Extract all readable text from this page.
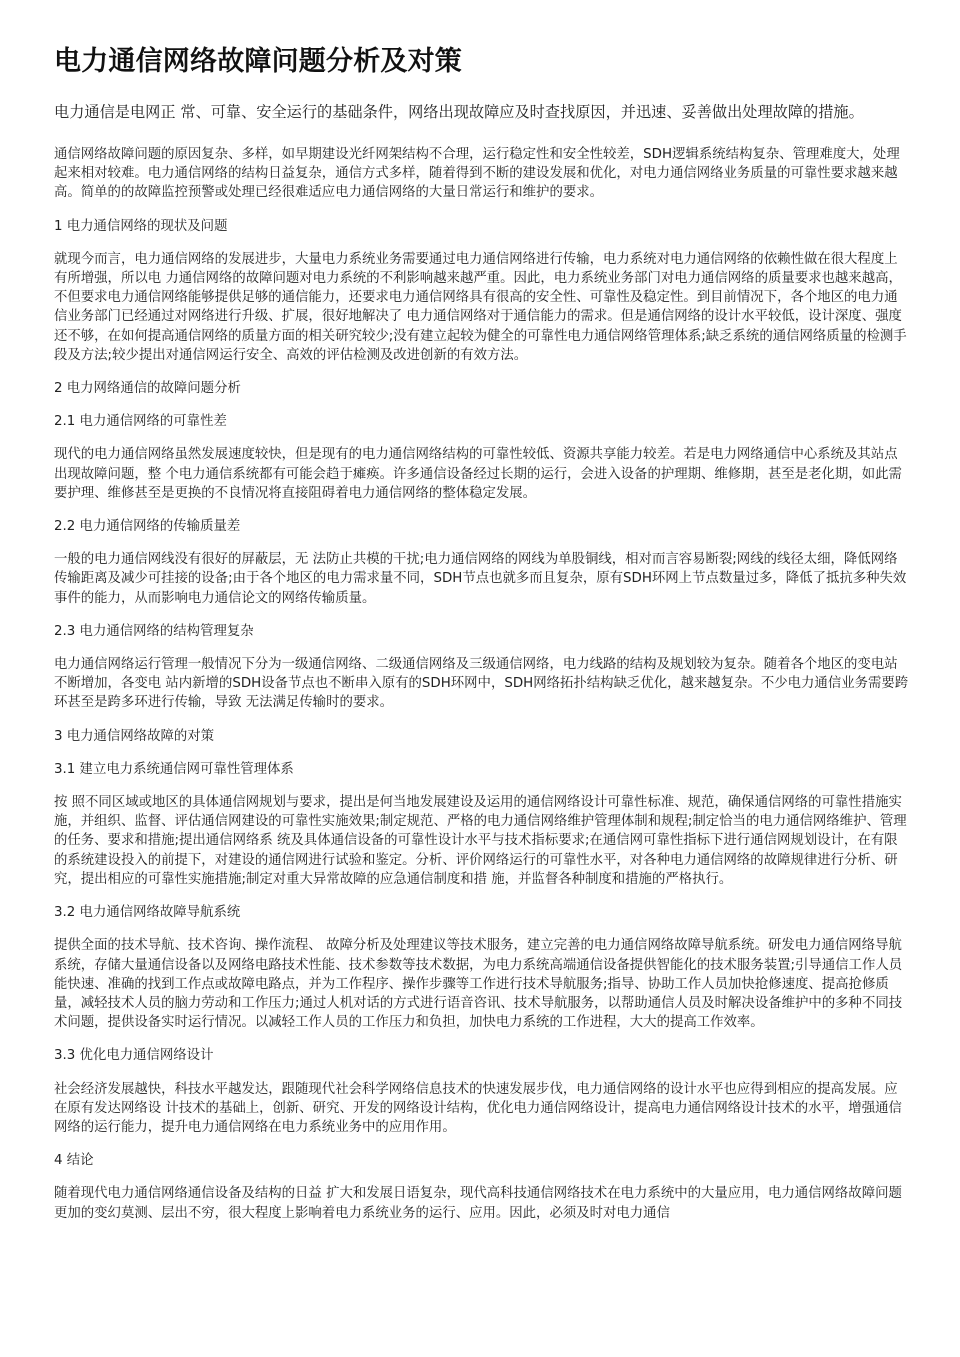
电力通信网络故障问题分析及对策

电力通信是电网正 常、可靠、安全运行的基础条件，网络出现故障应及时查找原因，并迅速、妥善做出处理故障的措施。

通信网络故障问题的原因复杂、多样，如早期建设光纤网架结构不合理，运行稳定性和安全性较差，SDH逻辑系统结构复杂、管理难度大，处理起来相对较难。电力通信网络的结构日益复杂，通信方式多样，随着得到不断的建设发展和优化，对电力通信网络业务质量的可靠性要求越来越高。简单的的故障监控预警或处理已经很难适应电力通信网络的大量日常运行和维护的要求。

1 电力通信网络的现状及问题

就现今而言，电力通信网络的发展进步，大量电力系统业务需要通过电力通信网络进行传输，电力系统对电力通信网络的依赖性做在很大程度上有所增强，所以电 力通信网络的故障问题对电力系统的不利影响越来越严重。因此，电力系统业务部门对电力通信网络的质量要求也越来越高，不但要求电力通信网络能够提供足够的通信能力，还要求电力通信网络具有很高的安全性、可靠性及稳定性。到目前情况下，各个地区的电力通信业务部门已经通过对网络进行升级、扩展，很好地解决了 电力通信网络对于通信能力的需求。但是通信网络的设计水平较低，设计深度、强度还不够，在如何提高通信网络的质量方面的相关研究较少;没有建立起较为健全的可靠性电力通信网络管理体系;缺乏系统的通信网络质量的检测手段及方法;较少提出对通信网运行安全、高效的评估检测及改进创新的有效方法。

2 电力网络通信的故障问题分析

2.1 电力通信网络的可靠性差

现代的电力通信网络虽然发展速度较快，但是现有的电力通信网络结构的可靠性较低、资源共享能力较差。若是电力网络通信中心系统及其站点出现故障问题，整 个电力通信系统都有可能会趋于瘫痪。许多通信设备经过长期的运行，会进入设备的护理期、维修期，甚至是老化期，如此需要护理、维修甚至是更换的不良情况将直接阻碍着电力通信网络的整体稳定发展。

2.2 电力通信网络的传输质量差

一般的电力通信网线没有很好的屏蔽层，无 法防止共模的干扰;电力通信网络的网线为单股铜线，相对而言容易断裂;网线的线径太细，降低网络传输距离及减少可挂接的设备;由于各个地区的电力需求量不同，SDH节点也就多而且复杂，原有SDH环网上节点数量过多，降低了抵抗多种失效事件的能力，从而影响电力通信论文的网络传输质量。

2.3 电力通信网络的结构管理复杂

电力通信网络运行管理一般情况下分为一级通信网络、二级通信网络及三级通信网络，电力线路的结构及规划较为复杂。随着各个地区的变电站不断增加，各变电 站内新增的SDH设备节点也不断串入原有的SDH环网中，SDH网络拓扑结构缺乏优化，越来越复杂。不少电力通信业务需要跨环甚至是跨多环进行传输，导致 无法满足传输时的要求。

3 电力通信网络故障的对策

3.1 建立电力系统通信网可靠性管理体系

按 照不同区域或地区的具体通信网规划与要求，提出是何当地发展建设及运用的通信网络设计可靠性标准、规范，确保通信网络的可靠性措施实施，并组织、监督、评估通信网建设的可靠性实施效果;制定规范、严格的电力通信网络维护管理体制和规程;制定恰当的电力通信网络维护、管理的任务、要求和措施;提出通信网络系 统及具体通信设备的可靠性设计水平与技术指标要求;在通信网可靠性指标下进行通信网规划设计，在有限的系统建设投入的前提下，对建设的通信网进行试验和鉴定。分析、评价网络运行的可靠性水平，对各种电力通信网络的故障规律进行分析、研究，提出相应的可靠性实施措施;制定对重大异常故障的应急通信制度和措 施，并监督各种制度和措施的严格执行。

3.2 电力通信网络故障导航系统

提供全面的技术导航、技术咨询、操作流程、 故障分析及处理建议等技术服务，建立完善的电力通信网络故障导航系统。研发电力通信网络导航系统，存储大量通信设备以及网络电路技术性能、技术参数等技术数据，为电力系统高端通信设备提供智能化的技术服务装置;引导通信工作人员能快速、准确的找到工作点或故障电路点，并为工作程序、操作步骤等工作进行技术导航服务;指导、协助工作人员加快抢修速度、提高抢修质量，减轻技术人员的脑力劳动和工作压力;通过人机对话的方式进行语音咨讯、技术导航服务，以帮助通信人员及时解决设备维护中的多种不同技术问题，提供设备实时运行情况。以减轻工作人员的工作压力和负担，加快电力系统的工作进程，大大的提高工作效率。

3.3 优化电力通信网络设计

社会经济发展越快，科技水平越发达，跟随现代社会科学网络信息技术的快速发展步伐，电力通信网络的设计水平也应得到相应的提高发展。应在原有发达网络设 计技术的基础上，创新、研究、开发的网络设计结构，优化电力通信网络设计，提高电力通信网络设计技术的水平，增强通信网络的运行能力，提升电力通信网络在电力系统业务中的应用作用。

4 结论

随着现代电力通信网络通信设备及结构的日益 扩大和发展日语复杂，现代高科技通信网络技术在电力系统中的大量应用，电力通信网络故障问题更加的变幻莫测、层出不穷，很大程度上影响着电力系统业务的运行、应用。因此，必须及时对电力通信
